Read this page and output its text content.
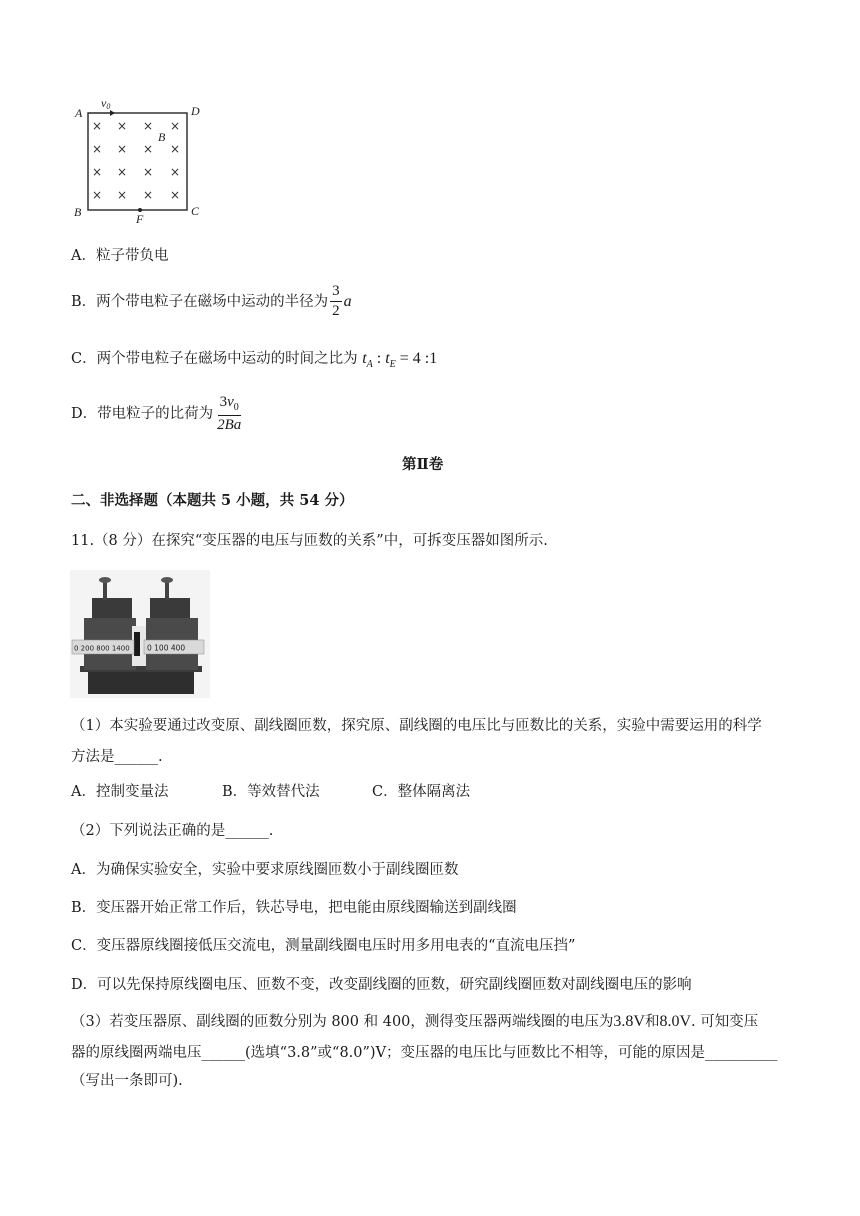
× × × ×
× × × ×
× × × ×
× × × ×
A	D
B	C
F
B
v0
A．粒子带负电
B．两个带电粒子在磁场中运动的半径为 $\frac{3}{2}$ a
C．两个带电粒子在磁场中运动的时间之比为 $t_A$ : $t_E = 4$ :1
D．带电粒子的比荷为 $\frac{3v_0}{2Ba}$
第Ⅱ卷
二、非选择题（本题共 5 小题，共 54 分）
11.（8 分）在探究“变压器的电压与匝数的关系”中，可拆变压器如图所示.
0 200 800 1400 0 100 400
（1）本实验要通过改变原、副线圈匝数，探究原、副线圈的电压比与匝数比的关系，实验中需要运用的科学
方法是______.
A．控制变量法	B．等效替代法	C．整体隔离法
（2）下列说法正确的是______.
A．为确保实验安全，实验中要求原线圈匝数小于副线圈匝数
B．变压器开始正常工作后，铁芯导电，把电能由原线圈输送到副线圈
C．变压器原线圈接低压交流电，测量副线圈电压时用多用电表的“直流电压挡”
D．可以先保持原线圈电压、匝数不变，改变副线圈的匝数，研究副线圈匝数对副线圈电压的影响
（3）若变压器原、副线圈的匝数分别为 800 和 400，测得变压器两端线圈的电压为3.8V和8.0V. 可知变压
器的原线圈两端电压______(选填“3.8”或“8.0”)V；变压器的电压比与匝数比不相等，可能的原因是__________
（写出一条即可).
